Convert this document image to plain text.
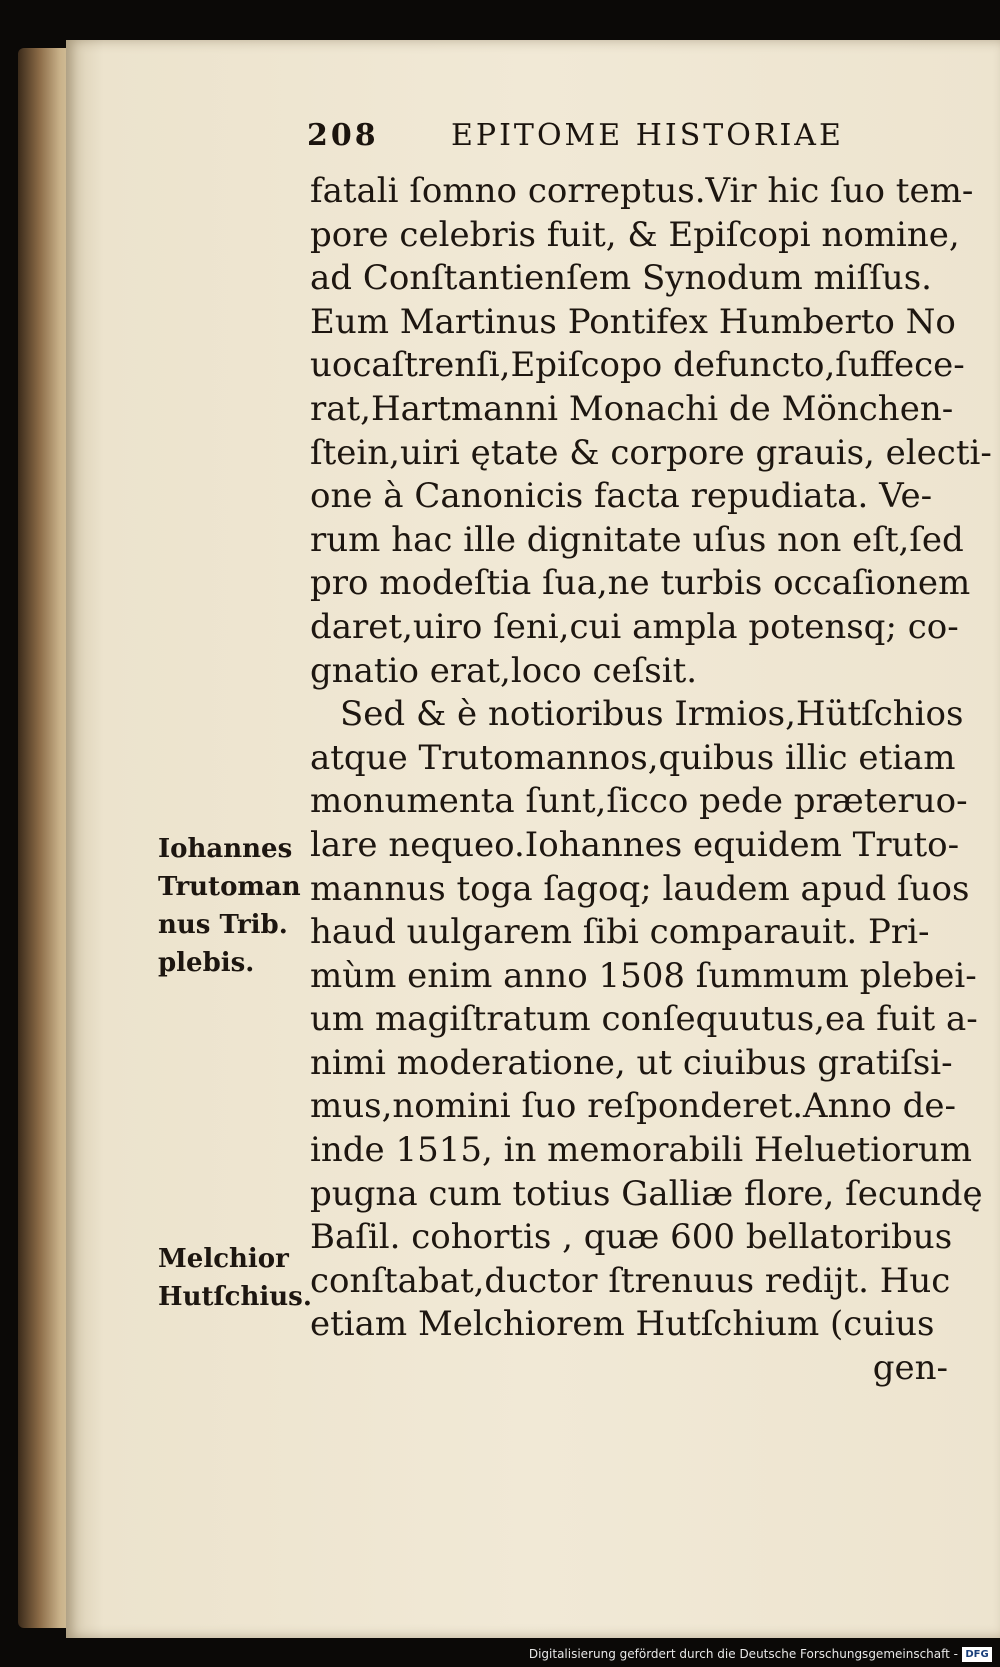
208 EPITOME HISTORIAE
fatali ſomno correptus.Vir hic ſuo tem-
pore celebris fuit, & Epiſcopi nomine,
ad Conſtantienſem Synodum miſſus.
Eum Martinus Pontifex Humberto No
uocaſtrenſi,Epiſcopo defuncto,ſuffece-
rat,Hartmanni Monachi de Mönchen-
ſtein,uiri ętate & corpore grauis, electi-
one à Canonicis facta repudiata. Ve-
rum hac ille dignitate uſus non eſt,ſed
pro modeſtia ſua,ne turbis occaſionem
daret,uiro ſeni,cui ampla potensq; co-
gnatio erat,loco ceſsit.
Sed & è notioribus Irmios,Hütſchios
atque Trutomannos,quibus illic etiam
monumenta ſunt,ſicco pede præteruo-
lare nequeo.Iohannes equidem Truto-
mannus toga ſagoq; laudem apud ſuos
haud uulgarem ſibi comparauit. Pri-
mùm enim anno 1508 ſummum plebei-
um magiſtratum conſequutus,ea fuit a-
nimi moderatione, ut ciuibus gratiſsi-
mus,nomini ſuo reſponderet.Anno de-
inde 1515, in memorabili Heluetiorum
pugna cum totius Galliæ flore, ſecundę
Baſil. cohortis , quæ 600 bellatoribus
conſtabat,ductor ſtrenuus rediјt. Huc
etiam Melchiorem Hutſchium (cuius
gen-
Iohannes
Trutoman
nus Trib.
plebis.
Melchior
Hutſchius.
Digitalisierung gefördert durch die Deutsche Forschungsgemeinschaft - DFG
